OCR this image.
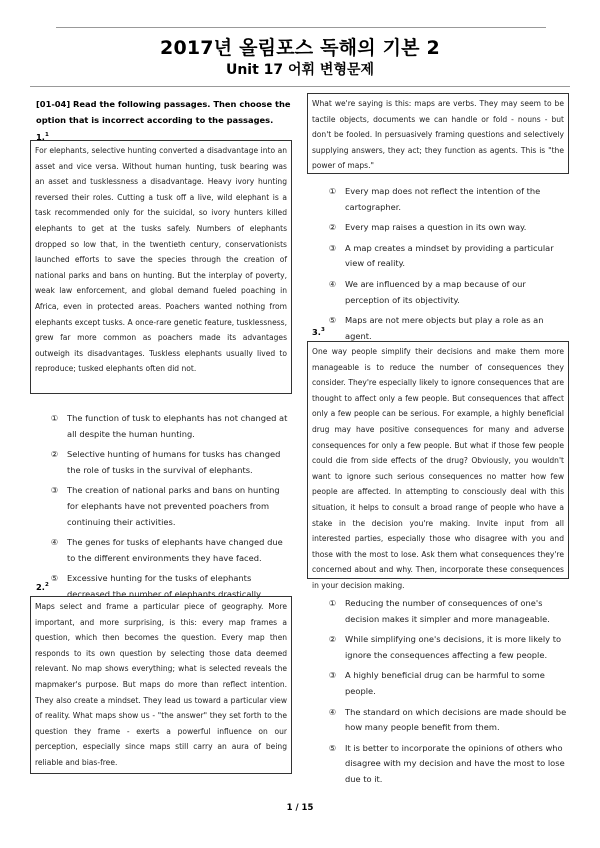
2017년 올림포스 독해의 기본 2
Unit 17 어휘 변형문제
[01-04] Read the following passages. Then choose the option that is incorrect according to the passages.
1.$^1$

For elephants, selective hunting converted a disadvantage into an asset and vice versa. Without human hunting, tusk bearing was an asset and tusklessness a disadvantage. Heavy ivory hunting reversed their roles. Cutting a tusk off a live, wild elephant is a task recommended only for the suicidal, so ivory hunters killed elephants to get at the tusks safely. Numbers of elephants dropped so low that, in the twentieth century, conservationists launched efforts to save the species through the creation of national parks and bans on hunting. But the interplay of poverty, weak law enforcement, and global demand fueled poaching in Africa, even in protected areas. Poachers wanted nothing from elephants except tusks. A once-rare genetic feature, tusklessness, grew far more common as poachers made its advantages outweigh its disadvantages. Tuskless elephants usually lived to reproduce; tusked elephants often did not.

①	The function of tusk to elephants has not changed at all despite the human hunting.
②	Selective hunting of humans for tusks has changed the role of tusks in the survival of elephants.
③	The creation of national parks and bans on hunting for elephants have not prevented poachers from continuing their activities.
④	The genes for tusks of elephants have changed due to the different environments they have faced.
⑤	Excessive hunting for the tusks of elephants decreased the number of elephants drastically.
2.$^2$

Maps select and frame a particular piece of geography. More important, and more surprising, is this: every map frames a question, which then becomes the question. Every map then responds to its own question by selecting those data deemed relevant. No map shows everything; what is selected reveals the mapmaker's purpose. But maps do more than reflect intention. They also create a mindset. They lead us toward a particular view of reality. What maps show us - "the answer" they set forth to the question they frame - exerts a powerful influence on our perception, especially since maps still carry an aura of being reliable and bias-free.

What we're saying is this: maps are verbs. They may seem to be tactile objects, documents we can handle or fold - nouns - but don't be fooled. In persuasively framing questions and selectively supplying answers, they act; they function as agents. This is "the power of maps."

①	Every map does not reflect the intention of the cartographer.
②	Every map raises a question in its own way.
③	A map creates a mindset by providing a particular view of reality.
④	We are influenced by a map because of our perception of its objectivity.
⑤	Maps are not mere objects but play a role as an agent.
3.$^3$

One way people simplify their decisions and make them more manageable is to reduce the number of consequences they consider. They're especially likely to ignore consequences that are thought to affect only a few people. But consequences that affect only a few people can be serious. For example, a highly beneficial drug may have positive consequences for many and adverse consequences for only a few people. But what if those few people could die from side effects of the drug? Obviously, you wouldn't want to ignore such serious consequences no matter how few people are affected. In attempting to consciously deal with this situation, it helps to consult a broad range of people who have a stake in the decision you're making. Invite input from all interested parties, especially those who disagree with you and those with the most to lose. Ask them what consequences they're concerned about and why. Then, incorporate these consequences in your decision making.

①	Reducing the number of consequences of one's decision makes it simpler and more manageable.
②	While simplifying one's decisions, it is more likely to ignore the consequences affecting a few people.
③	A highly beneficial drug can be harmful to some people.
④	The standard on which decisions are made should be how many people benefit from them.
⑤	It is better to incorporate the opinions of others who disagree with my decision and have the most to lose due to it.
1 / 15
